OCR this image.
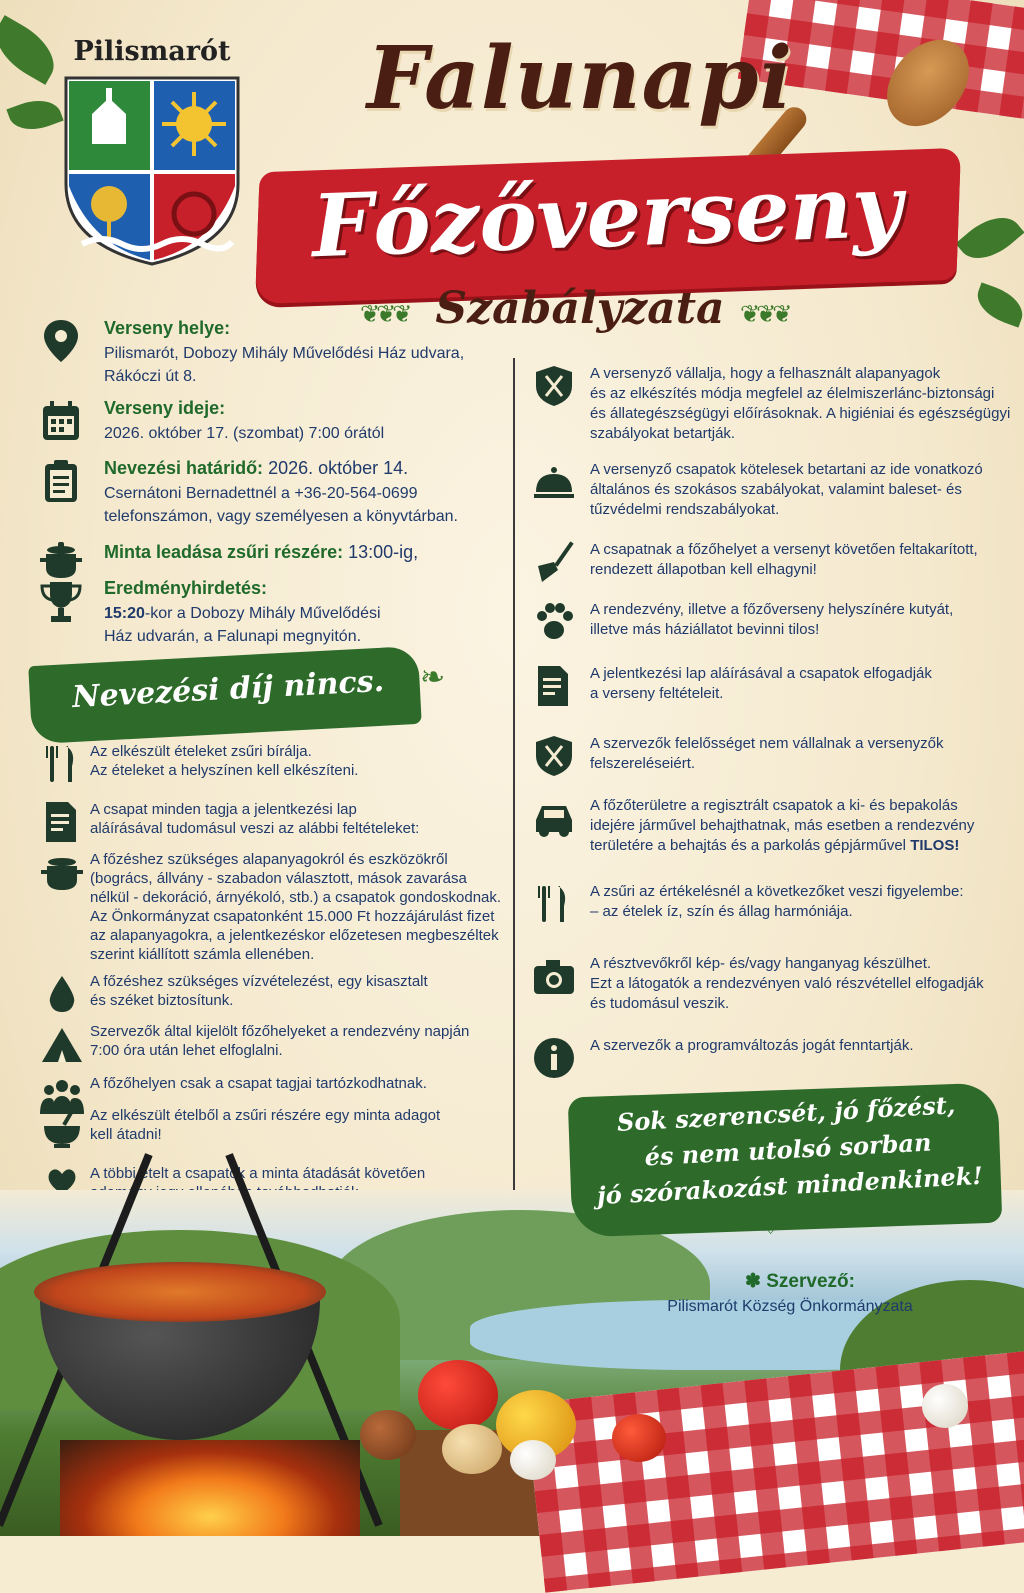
Pilismarót	Falunapi
Főzőverseny
❦❦❦ Szabályzata ❦❦❦
Verseny helye:
Pilismarót, Dobozy Mihály Művelődési Ház udvara,
Rákóczi út 8.
Verseny ideje:
2026. október 17. (szombat) 7:00 órától
Nevezési határidő: 2026. október 14.
Csernátoni Bernadettnél a +36-20-564-0699
telefonszámon, vagy személyesen a könyvtárban.
Minta leadása zsűri részére: 13:00-ig,
Eredményhirdetés:
15:20-kor a Dobozy Mihály Művelődési
Ház udvarán, a Falunapi megnyitón.
Nevezési díj nincs. ❧
Az elkészült ételeket zsűri bírálja.
Az ételeket a helyszínen kell elkészíteni.
A csapat minden tagja a jelentkezési lap
aláírásával tudomásul veszi az alábbi feltételeket:
A főzéshez szükséges alapanyagokról és eszközökről
(bogrács, állvány - szabadon választott, mások zavarása
nélkül - dekoráció, árnyékoló, stb.) a csapatok gondoskodnak.
Az Önkormányzat csapatonként 15.000 Ft hozzájárulást fizet
az alapanyagokra, a jelentkezéskor előzetesen megbeszéltek
szerint kiállított számla ellenében.
A főzéshez szükséges vízvételezést, egy kisasztalt
és széket biztosítunk.
Szervezők által kijelölt főzőhelyeket a rendezvény napján
7:00 óra után lehet elfoglalni.
A főzőhelyen csak a csapat tagjai tartózkodhatnak.
Az elkészült ételből a zsűri részére egy minta adagot
kell átadni!
A többi ételt a csapatok a minta átadását követően
A versenyző vállalja, hogy a felhasznált alapanyagok
és az elkészítés módja megfelel az élelmiszerlánc-biztonsági
és állategészségügyi előírásoknak. A higiéniai és egészségügyi
szabályokat betartják.
A versenyző csapatok kötelesek betartani az ide vonatkozó
általános és szokásos szabályokat, valamint baleset- és
tűzvédelmi rendszabályokat.
A csapatnak a főzőhelyet a versenyt követően feltakarított,
rendezett állapotban kell elhagyni!
A rendezvény, illetve a főzőverseny helyszínére kutyát,
illetve más háziállatot bevinni tilos!
A jelentkezési lap aláírásával a csapatok elfogadják
a verseny feltételeit.
A szervezők felelősséget nem vállalnak a versenyzők
felszereléseiért.
A főzőterületre a regisztrált csapatok a ki- és bepakolás
idejére járművel behajthatnak, más esetben a rendezvény
területére a behajtás és a parkolás gépjárművel TILOS!
A zsűri az értékelésnél a következőket veszi figyelembe:
– az ételek íz, szín és állag harmóniája.
A résztvevőkről kép- és/vagy hanganyag készülhet.
Ezt a látogatók a rendezvényen való részvétellel elfogadják
és tudomásul veszik.
A szervezők a programváltozás jogát fenntartják.
Sok szerencsét, jó főzést,
és nem utolsó sorban
jó szórakozást mindenkinek!
♡
✽ Szervező:
Pilismarót Község Önkormányzata
